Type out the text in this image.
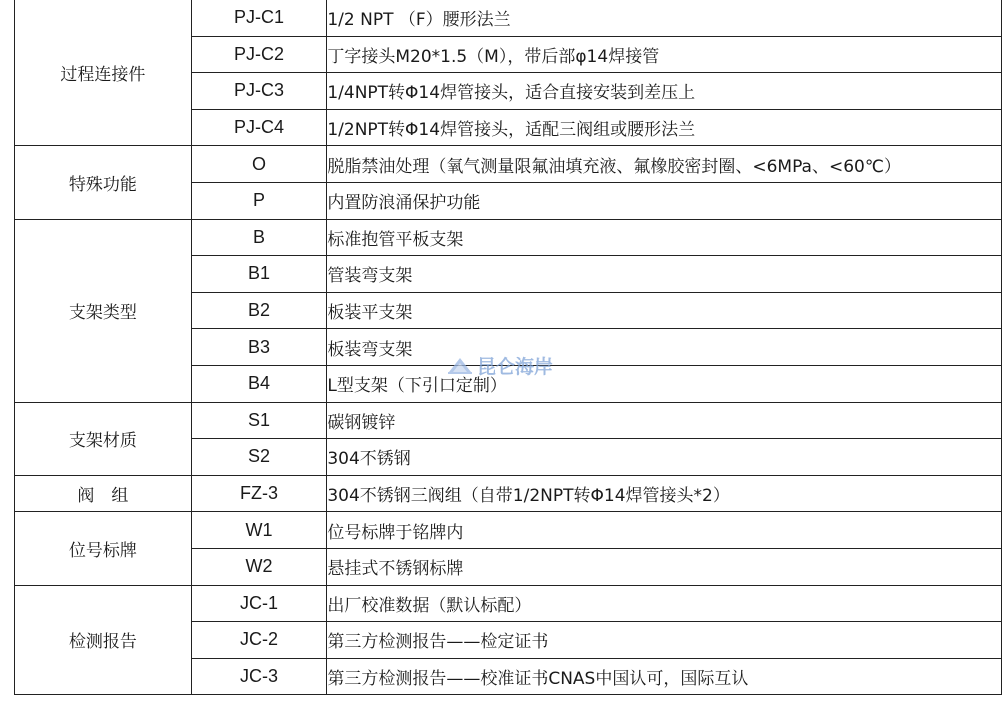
过程连接件	PJ-C1	1/2 NPT （F）腰形法兰
	PJ-C2	丁字接头M20*1.5（M），带后部φ14焊接管
	PJ-C3	1/4NPT转Φ14焊管接头，适合直接安装到差压上
	PJ-C4	1/2NPT转Φ14焊管接头，适配三阀组或腰形法兰
特殊功能	O	脱脂禁油处理（氧气测量限氟油填充液、氟橡胶密封圈、<6MPa、<60℃）
	P	内置防浪涌保护功能
支架类型	B	标准抱管平板支架
	B1	管装弯支架
	B2	板装平支架
	B3	板装弯支架
	B4	L型支架（下引口定制）
支架材质	S1	碳钢镀锌
	S2	304不锈钢
阀　组	FZ-3	304不锈钢三阀组（自带1/2NPT转Φ14焊管接头*2）
位号标牌	W1	位号标牌于铭牌内
	W2	悬挂式不锈钢标牌
检测报告	JC-1	出厂校准数据（默认标配）
	JC-2	第三方检测报告——检定证书
	JC-3	第三方检测报告——校准证书CNAS中国认可，国际互认
昆仑海岸
